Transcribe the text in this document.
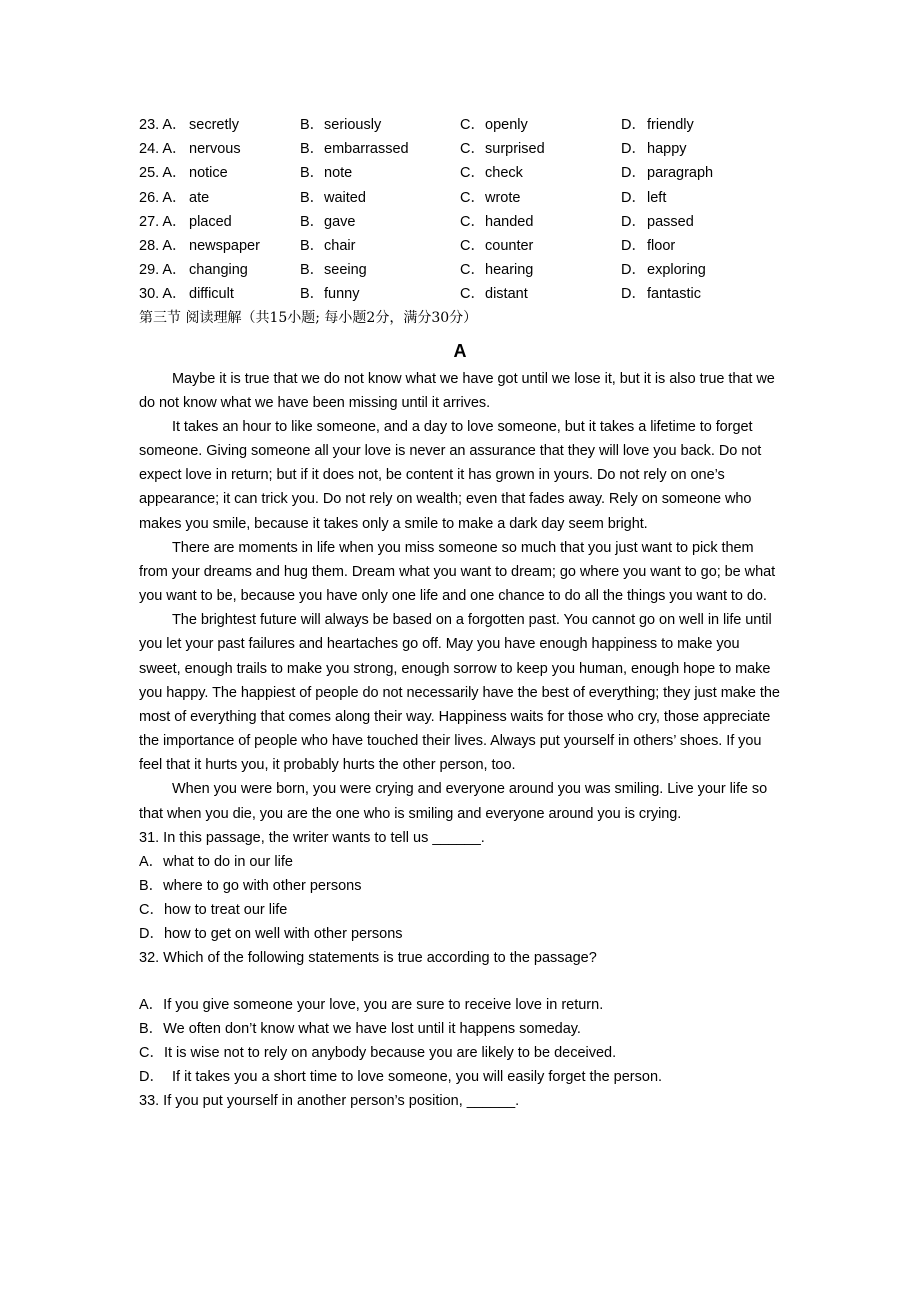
23. A． secretly	B． seriously	C． openly	D． friendly
24. A． nervous	B． embarrassed	C． surprised	D． happy
25. A． notice	B． note	C． check	D． paragraph
26. A． ate	B． waited	C． wrote	D． left
27. A． placed	B． gave	C． handed	D． passed
28. A． newspaper	B． chair	C． counter	D． floor
29. A． changing	B． seeing	C． hearing	D． exploring
30. A． difficult	B． funny	C． distant	D． fantastic
第三节 阅读理解（共15小题; 每小题2分，满分30分）
A

Maybe it is true that we do not know what we have got until we lose it, but it is also true that we do not know what we have been missing until it arrives.

It takes an hour to like someone, and a day to love someone, but it takes a lifetime to forget someone. Giving someone all your love is never an assurance that they will love you back. Do not expect love in return; but if it does not, be content it has grown in yours. Do not rely on one’s appearance; it can trick you. Do not rely on wealth; even that fades away. Rely on someone who makes you smile, because it takes only a smile to make a dark day seem bright.

There are moments in life when you miss someone so much that you just want to pick them from your dreams and hug them. Dream what you want to dream; go where you want to go; be what you want to be, because you have only one life and one chance to do all the things you want to do.

The brightest future will always be based on a forgotten past. You cannot go on well in life until you let your past failures and heartaches go off. May you have enough happiness to make you sweet, enough trails to make you strong, enough sorrow to keep you human, enough hope to make you happy. The happiest of people do not necessarily have the best of everything; they just make the most of everything that comes along their way. Happiness waits for those who cry, those appreciate the importance of people who have touched their lives. Always put yourself in others’ shoes. If you feel that it hurts you, it probably hurts the other person, too.

When you were born, you were crying and everyone around you was smiling. Live your life so that when you die, you are the one who is smiling and everyone around you is crying.

31. In this passage, the writer wants to tell us ______.

A．what to do in our life

B．where to go with other persons

C．how to treat our life

D．how to get on well with other persons

32. Which of the following statements is true according to the passage?

A．If you give someone your love, you are sure to receive love in return.

B．We often don’t know what we have lost until it happens someday.

C．It is wise not to rely on anybody because you are likely to be deceived.

D．  If it takes you a short time to love someone, you will easily forget the person.

33. If you put yourself in another person’s position, ______.
